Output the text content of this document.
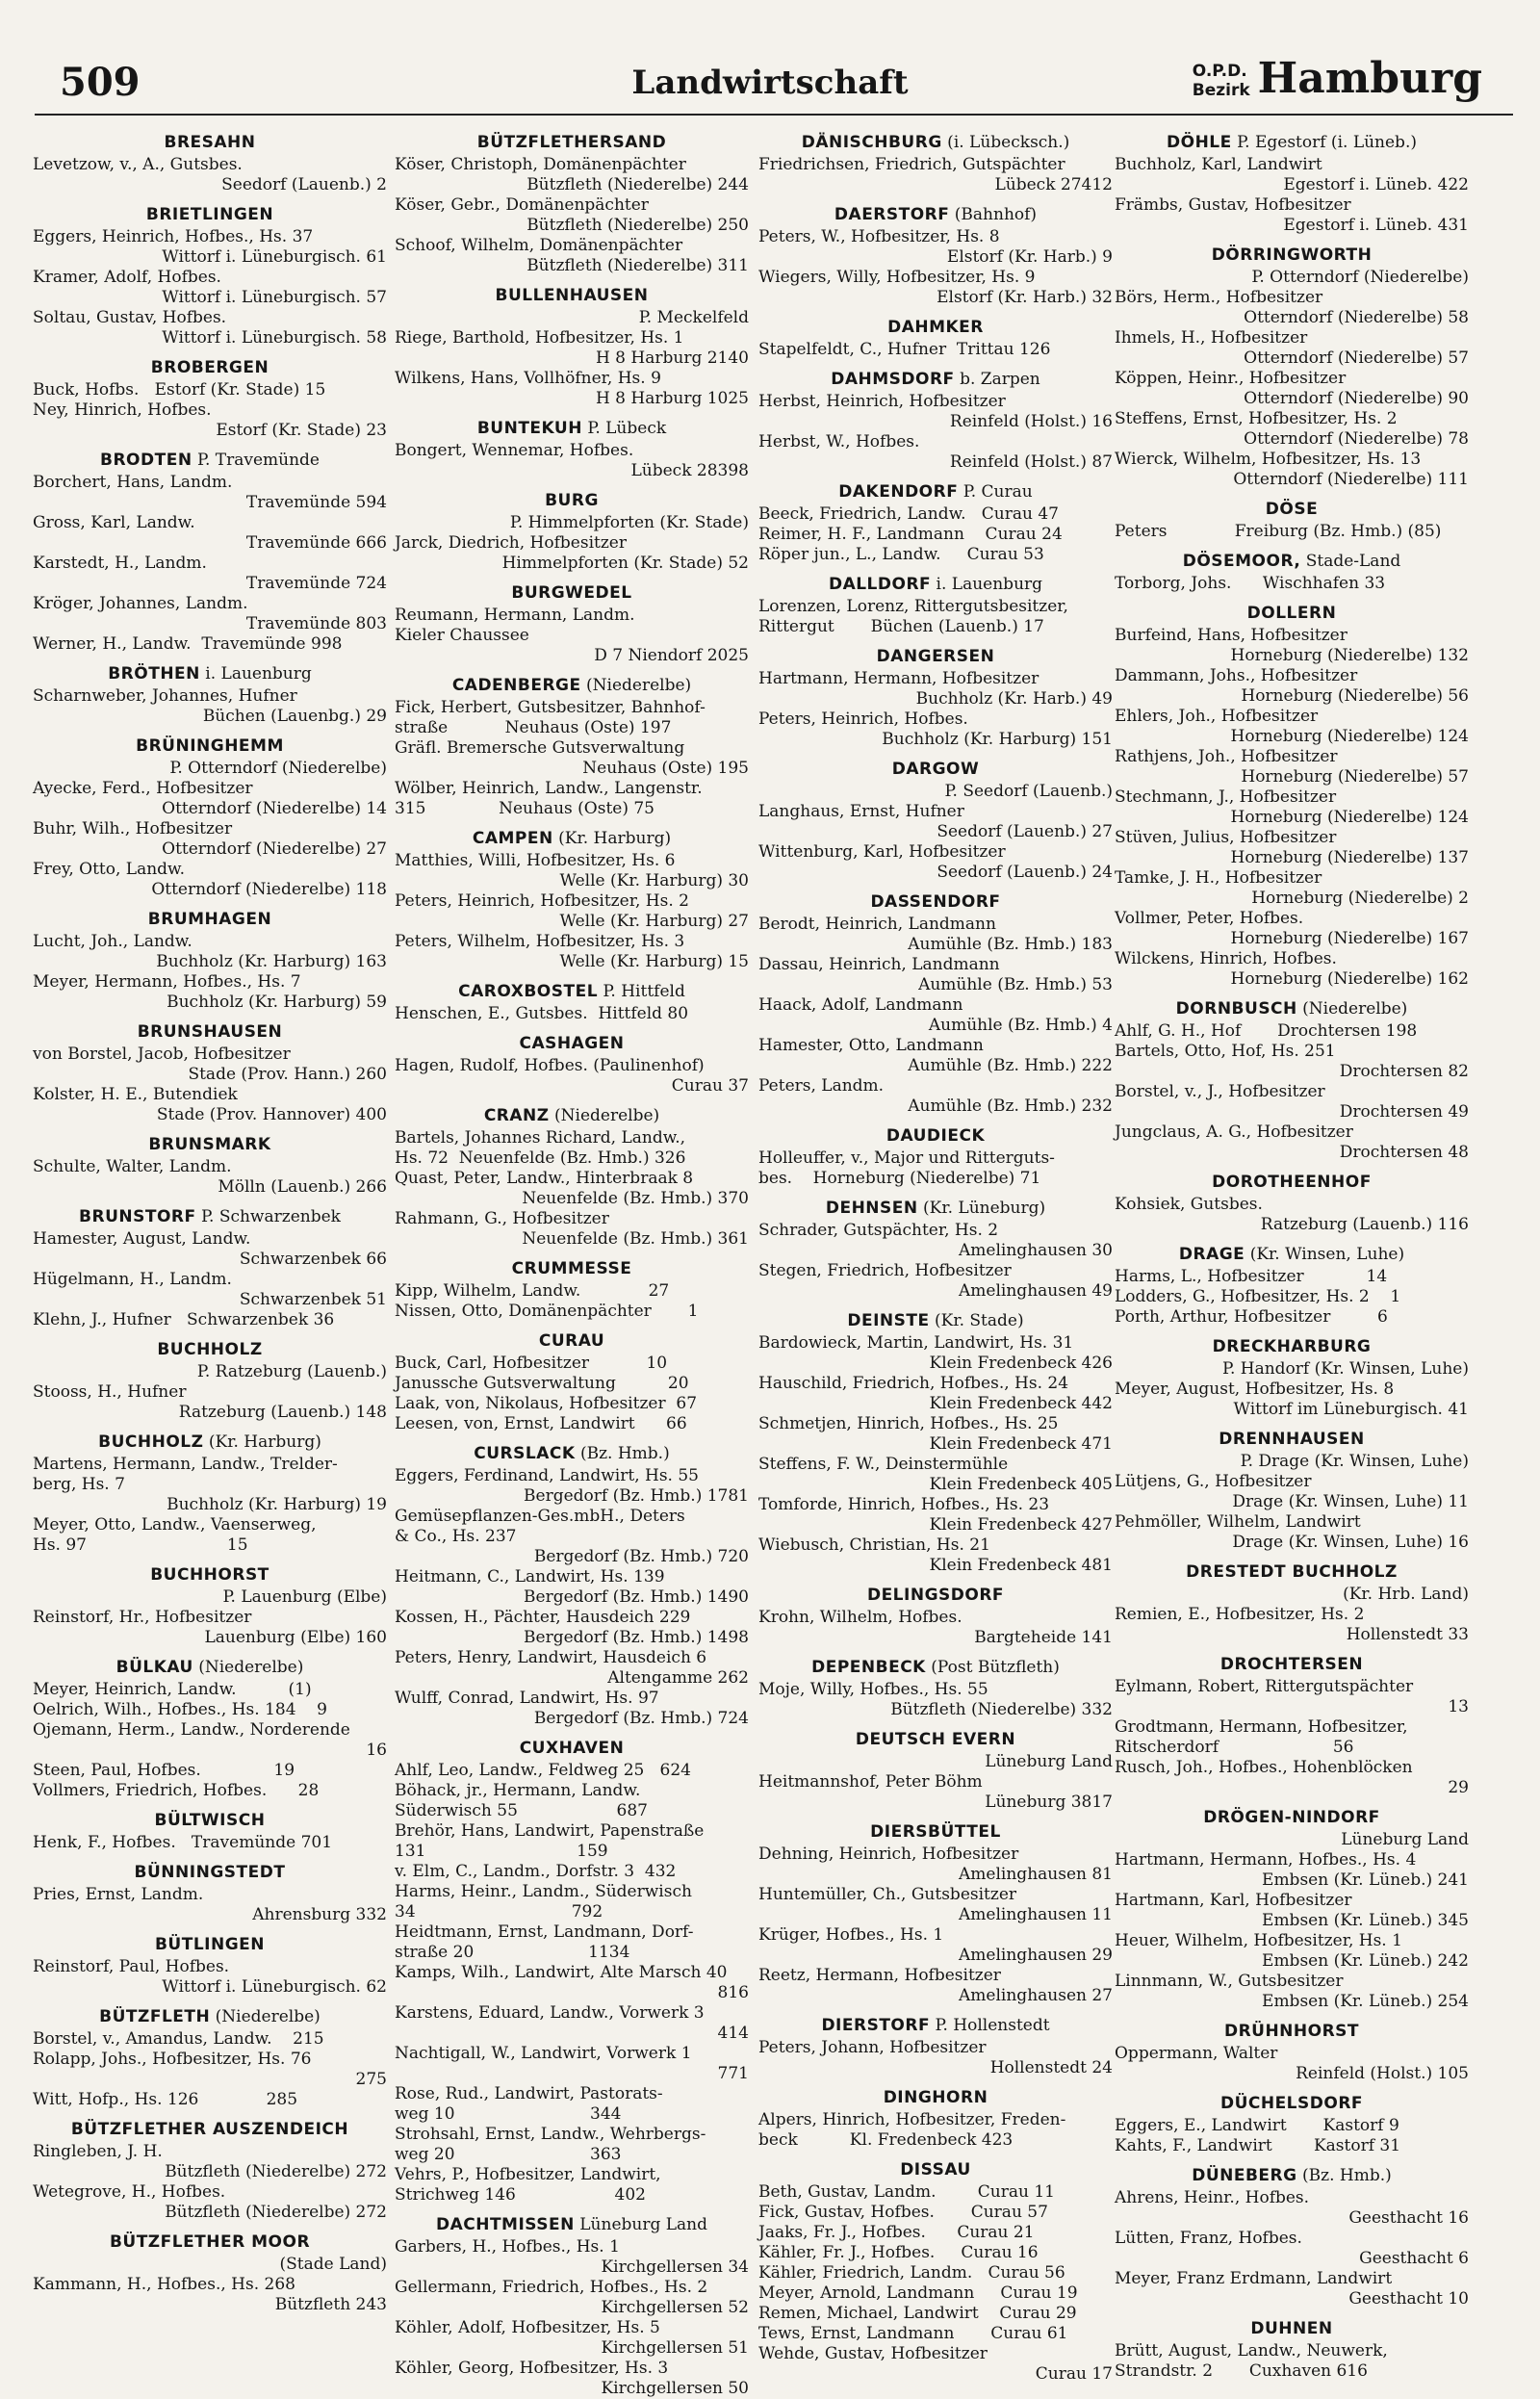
509	Landwirtschaft	O.P.D.
Bezirk Hamburg
BRESAHN
Levetzow, v., A., Gutsbes.
Seedorf (Lauenb.) 2
BRIETLINGEN
Eggers, Heinrich, Hofbes., Hs. 37
Wittorf i. Lüneburgisch. 61
Kramer, Adolf, Hofbes.
Wittorf i. Lüneburgisch. 57
Soltau, Gustav, Hofbes.
Wittorf i. Lüneburgisch. 58
BROBERGEN
Buck, Hofbs.   Estorf (Kr. Stade) 15
Ney, Hinrich, Hofbes.
Estorf (Kr. Stade) 23
BRODTEN P. Travemünde
Borchert, Hans, Landm.
Travemünde 594
Gross, Karl, Landw.
Travemünde 666
Karstedt, H., Landm.
Travemünde 724
Kröger, Johannes, Landm.
Travemünde 803
Werner, H., Landw.  Travemünde 998
BRÖTHEN i. Lauenburg
Scharnweber, Johannes, Hufner
Büchen (Lauenbg.) 29
BRÜNINGHEMM
P. Otterndorf (Niederelbe)
Ayecke, Ferd., Hofbesitzer
Otterndorf (Niederelbe) 14
Buhr, Wilh., Hofbesitzer
Otterndorf (Niederelbe) 27
Frey, Otto, Landw.
Otterndorf (Niederelbe) 118
BRUMHAGEN
Lucht, Joh., Landw.
Buchholz (Kr. Harburg) 163
Meyer, Hermann, Hofbes., Hs. 7
Buchholz (Kr. Harburg) 59
BRUNSHAUSEN
von Borstel, Jacob, Hofbesitzer
Stade (Prov. Hann.) 260
Kolster, H. E., Butendiek
Stade (Prov. Hannover) 400
BRUNSMARK
Schulte, Walter, Landm.
Mölln (Lauenb.) 266
BRUNSTORF P. Schwarzenbek
Hamester, August, Landw.
Schwarzenbek 66
Hügelmann, H., Landm.
Schwarzenbek 51
Klehn, J., Hufner   Schwarzenbek 36
BUCHHOLZ
P. Ratzeburg (Lauenb.)
Stooss, H., Hufner
Ratzeburg (Lauenb.) 148
BUCHHOLZ (Kr. Harburg)
Martens, Hermann, Landw., Trelder-
berg, Hs. 7
Buchholz (Kr. Harburg) 19
Meyer, Otto, Landw., Vaenserweg,
Hs. 97                           15
BUCHHORST
P. Lauenburg (Elbe)
Reinstorf, Hr., Hofbesitzer
Lauenburg (Elbe) 160
BÜLKAU (Niederelbe)
Meyer, Heinrich, Landw.          (1)
Oelrich, Wilh., Hofbes., Hs. 184    9
Ojemann, Herm., Landw., Norderende
16
Steen, Paul, Hofbes.              19
Vollmers, Friedrich, Hofbes.      28
BÜLTWISCH
Henk, F., Hofbes.   Travemünde 701
BÜNNINGSTEDT
Pries, Ernst, Landm.
Ahrensburg 332
BÜTLINGEN
Reinstorf, Paul, Hofbes.
Wittorf i. Lüneburgisch. 62
BÜTZFLETH (Niederelbe)
Borstel, v., Amandus, Landw.    215
Rolapp, Johs., Hofbesitzer, Hs. 76
275
Witt, Hofp., Hs. 126             285
BÜTZFLETHER AUSZENDEICH
Ringleben, J. H.
Bützfleth (Niederelbe) 272
Wetegrove, H., Hofbes.
Bützfleth (Niederelbe) 272
BÜTZFLETHER MOOR
(Stade Land)
Kammann, H., Hofbes., Hs. 268
Bützfleth 243
BÜTZFLETHERSAND
Köser, Christoph, Domänenpächter
Bützfleth (Niederelbe) 244
Köser, Gebr., Domänenpächter
Bützfleth (Niederelbe) 250
Schoof, Wilhelm, Domänenpächter
Bützfleth (Niederelbe) 311
BULLENHAUSEN
P. Meckelfeld
Riege, Barthold, Hofbesitzer, Hs. 1
H 8 Harburg 2140
Wilkens, Hans, Vollhöfner, Hs. 9
H 8 Harburg 1025
BUNTEKUH P. Lübeck
Bongert, Wennemar, Hofbes.
Lübeck 28398
BURG
P. Himmelpforten (Kr. Stade)
Jarck, Diedrich, Hofbesitzer
Himmelpforten (Kr. Stade) 52
BURGWEDEL
Reumann, Hermann, Landm.
Kieler Chaussee
D 7 Niendorf 2025
CADENBERGE (Niederelbe)
Fick, Herbert, Gutsbesitzer, Bahnhof-
straße           Neuhaus (Oste) 197
Gräfl. Bremersche Gutsverwaltung
Neuhaus (Oste) 195
Wölber, Heinrich, Landw., Langenstr.
315              Neuhaus (Oste) 75
CAMPEN (Kr. Harburg)
Matthies, Willi, Hofbesitzer, Hs. 6
Welle (Kr. Harburg) 30
Peters, Heinrich, Hofbesitzer, Hs. 2
Welle (Kr. Harburg) 27
Peters, Wilhelm, Hofbesitzer, Hs. 3
Welle (Kr. Harburg) 15
CAROXBOSTEL P. Hittfeld
Henschen, E., Gutsbes.  Hittfeld 80
CASHAGEN
Hagen, Rudolf, Hofbes. (Paulinenhof)
Curau 37
CRANZ (Niederelbe)
Bartels, Johannes Richard, Landw.,
Hs. 72  Neuenfelde (Bz. Hmb.) 326
Quast, Peter, Landw., Hinterbraak 8
Neuenfelde (Bz. Hmb.) 370
Rahmann, G., Hofbesitzer
Neuenfelde (Bz. Hmb.) 361
CRUMMESSE
Kipp, Wilhelm, Landw.             27
Nissen, Otto, Domänenpächter       1
CURAU
Buck, Carl, Hofbesitzer           10
Janussche Gutsverwaltung          20
Laak, von, Nikolaus, Hofbesitzer  67
Leesen, von, Ernst, Landwirt      66
CURSLACK (Bz. Hmb.)
Eggers, Ferdinand, Landwirt, Hs. 55
Bergedorf (Bz. Hmb.) 1781
Gemüsepflanzen-Ges.mbH., Deters
& Co., Hs. 237
Bergedorf (Bz. Hmb.) 720
Heitmann, C., Landwirt, Hs. 139
Bergedorf (Bz. Hmb.) 1490
Kossen, H., Pächter, Hausdeich 229
Bergedorf (Bz. Hmb.) 1498
Peters, Henry, Landwirt, Hausdeich 6
Altengamme 262
Wulff, Conrad, Landwirt, Hs. 97
Bergedorf (Bz. Hmb.) 724
CUXHAVEN
Ahlf, Leo, Landw., Feldweg 25   624
Böhack, jr., Hermann, Landw.
Süderwisch 55                   687
Brehör, Hans, Landwirt, Papenstraße
131                             159
v. Elm, C., Landm., Dorfstr. 3  432
Harms, Heinr., Landm., Süderwisch
34                              792
Heidtmann, Ernst, Landmann, Dorf-
straße 20                      1134
Kamps, Wilh., Landwirt, Alte Marsch 40
816
Karstens, Eduard, Landw., Vorwerk 3
414
Nachtigall, W., Landwirt, Vorwerk 1
771
Rose, Rud., Landwirt, Pastorats-
weg 10                          344
Strohsahl, Ernst, Landw., Wehrbergs-
weg 20                          363
Vehrs, P., Hofbesitzer, Landwirt,
Strichweg 146                   402
DACHTMISSEN Lüneburg Land
Garbers, H., Hofbes., Hs. 1
Kirchgellersen 34
Gellermann, Friedrich, Hofbes., Hs. 2
Kirchgellersen 52
Köhler, Adolf, Hofbesitzer, Hs. 5
Kirchgellersen 51
Köhler, Georg, Hofbesitzer, Hs. 3
Kirchgellersen 50
DÄNISCHBURG (i. Lübecksch.)
Friedrichsen, Friedrich, Gutspächter
Lübeck 27412
DAERSTORF (Bahnhof)
Peters, W., Hofbesitzer, Hs. 8
Elstorf (Kr. Harb.) 9
Wiegers, Willy, Hofbesitzer, Hs. 9
Elstorf (Kr. Harb.) 32
DAHMKER
Stapelfeldt, C., Hufner  Trittau 126
DAHMSDORF b. Zarpen
Herbst, Heinrich, Hofbesitzer
Reinfeld (Holst.) 16
Herbst, W., Hofbes.
Reinfeld (Holst.) 87
DAKENDORF P. Curau
Beeck, Friedrich, Landw.   Curau 47
Reimer, H. F., Landmann    Curau 24
Röper jun., L., Landw.     Curau 53
DALLDORF i. Lauenburg
Lorenzen, Lorenz, Rittergutsbesitzer,
Rittergut       Büchen (Lauenb.) 17
DANGERSEN
Hartmann, Hermann, Hofbesitzer
Buchholz (Kr. Harb.) 49
Peters, Heinrich, Hofbes.
Buchholz (Kr. Harburg) 151
DARGOW
P. Seedorf (Lauenb.)
Langhaus, Ernst, Hufner
Seedorf (Lauenb.) 27
Wittenburg, Karl, Hofbesitzer
Seedorf (Lauenb.) 24
DASSENDORF
Berodt, Heinrich, Landmann
Aumühle (Bz. Hmb.) 183
Dassau, Heinrich, Landmann
Aumühle (Bz. Hmb.) 53
Haack, Adolf, Landmann
Aumühle (Bz. Hmb.) 4
Hamester, Otto, Landmann
Aumühle (Bz. Hmb.) 222
Peters, Landm.
Aumühle (Bz. Hmb.) 232
DAUDIECK
Holleuffer, v., Major und Ritterguts-
bes.    Horneburg (Niederelbe) 71
DEHNSEN (Kr. Lüneburg)
Schrader, Gutspächter, Hs. 2
Amelinghausen 30
Stegen, Friedrich, Hofbesitzer
Amelinghausen 49
DEINSTE (Kr. Stade)
Bardowieck, Martin, Landwirt, Hs. 31
Klein Fredenbeck 426
Hauschild, Friedrich, Hofbes., Hs. 24
Klein Fredenbeck 442
Schmetjen, Hinrich, Hofbes., Hs. 25
Klein Fredenbeck 471
Steffens, F. W., Deinstermühle
Klein Fredenbeck 405
Tomforde, Hinrich, Hofbes., Hs. 23
Klein Fredenbeck 427
Wiebusch, Christian, Hs. 21
Klein Fredenbeck 481
DELINGSDORF
Krohn, Wilhelm, Hofbes.
Bargteheide 141
DEPENBECK (Post Bützfleth)
Moje, Willy, Hofbes., Hs. 55
Bützfleth (Niederelbe) 332
DEUTSCH EVERN
Lüneburg Land
Heitmannshof, Peter Böhm
Lüneburg 3817
DIERSBÜTTEL
Dehning, Heinrich, Hofbesitzer
Amelinghausen 81
Huntemüller, Ch., Gutsbesitzer
Amelinghausen 11
Krüger, Hofbes., Hs. 1
Amelinghausen 29
Reetz, Hermann, Hofbesitzer
Amelinghausen 27
DIERSTORF P. Hollenstedt
Peters, Johann, Hofbesitzer
Hollenstedt 24
DINGHORN
Alpers, Hinrich, Hofbesitzer, Freden-
beck          Kl. Fredenbeck 423
DISSAU
Beth, Gustav, Landm.        Curau 11
Fick, Gustav, Hofbes.       Curau 57
Jaaks, Fr. J., Hofbes.      Curau 21
Kähler, Fr. J., Hofbes.     Curau 16
Kähler, Friedrich, Landm.   Curau 56
Meyer, Arnold, Landmann     Curau 19
Remen, Michael, Landwirt    Curau 29
Tews, Ernst, Landmann       Curau 61
Wehde, Gustav, Hofbesitzer
Curau 17
DÖHLE P. Egestorf (i. Lüneb.)
Buchholz, Karl, Landwirt
Egestorf i. Lüneb. 422
Främbs, Gustav, Hofbesitzer
Egestorf i. Lüneb. 431
DÖRRINGWORTH
P. Otterndorf (Niederelbe)
Börs, Herm., Hofbesitzer
Otterndorf (Niederelbe) 58
Ihmels, H., Hofbesitzer
Otterndorf (Niederelbe) 57
Köppen, Heinr., Hofbesitzer
Otterndorf (Niederelbe) 90
Steffens, Ernst, Hofbesitzer, Hs. 2
Otterndorf (Niederelbe) 78
Wierck, Wilhelm, Hofbesitzer, Hs. 13
Otterndorf (Niederelbe) 111
DÖSE
Peters             Freiburg (Bz. Hmb.) (85)
DÖSEMOOR, Stade-Land
Torborg, Johs.      Wischhafen 33
DOLLERN
Burfeind, Hans, Hofbesitzer
Horneburg (Niederelbe) 132
Dammann, Johs., Hofbesitzer
Horneburg (Niederelbe) 56
Ehlers, Joh., Hofbesitzer
Horneburg (Niederelbe) 124
Rathjens, Joh., Hofbesitzer
Horneburg (Niederelbe) 57
Stechmann, J., Hofbesitzer
Horneburg (Niederelbe) 124
Stüven, Julius, Hofbesitzer
Horneburg (Niederelbe) 137
Tamke, J. H., Hofbesitzer
Horneburg (Niederelbe) 2
Vollmer, Peter, Hofbes.
Horneburg (Niederelbe) 167
Wilckens, Hinrich, Hofbes.
Horneburg (Niederelbe) 162
DORNBUSCH (Niederelbe)
Ahlf, G. H., Hof       Drochtersen 198
Bartels, Otto, Hof, Hs. 251
Drochtersen 82
Borstel, v., J., Hofbesitzer
Drochtersen 49
Jungclaus, A. G., Hofbesitzer
Drochtersen 48
DOROTHEENHOF
Kohsiek, Gutsbes.
Ratzeburg (Lauenb.) 116
DRAGE (Kr. Winsen, Luhe)
Harms, L., Hofbesitzer            14
Lodders, G., Hofbesitzer, Hs. 2    1
Porth, Arthur, Hofbesitzer         6
DRECKHARBURG
P. Handorf (Kr. Winsen, Luhe)
Meyer, August, Hofbesitzer, Hs. 8
Wittorf im Lüneburgisch. 41
DRENNHAUSEN
P. Drage (Kr. Winsen, Luhe)
Lütjens, G., Hofbesitzer
Drage (Kr. Winsen, Luhe) 11
Pehmöller, Wilhelm, Landwirt
Drage (Kr. Winsen, Luhe) 16
DRESTEDT BUCHHOLZ
(Kr. Hrb. Land)
Remien, E., Hofbesitzer, Hs. 2
Hollenstedt 33
DROCHTERSEN
Eylmann, Robert, Rittergutspächter
13
Grodtmann, Hermann, Hofbesitzer,
Ritscherdorf                      56
Rusch, Joh., Hofbes., Hohenblöcken
29
DRÖGEN-NINDORF
Lüneburg Land
Hartmann, Hermann, Hofbes., Hs. 4
Embsen (Kr. Lüneb.) 241
Hartmann, Karl, Hofbesitzer
Embsen (Kr. Lüneb.) 345
Heuer, Wilhelm, Hofbesitzer, Hs. 1
Embsen (Kr. Lüneb.) 242
Linnmann, W., Gutsbesitzer
Embsen (Kr. Lüneb.) 254
DRÜHNHORST
Oppermann, Walter
Reinfeld (Holst.) 105
DÜCHELSDORF
Eggers, E., Landwirt       Kastorf 9
Kahts, F., Landwirt        Kastorf 31
DÜNEBERG (Bz. Hmb.)
Ahrens, Heinr., Hofbes.
Geesthacht 16
Lütten, Franz, Hofbes.
Geesthacht 6
Meyer, Franz Erdmann, Landwirt
Geesthacht 10
DUHNEN
Brütt, August, Landw., Neuwerk,
Strandstr. 2       Cuxhaven 616
